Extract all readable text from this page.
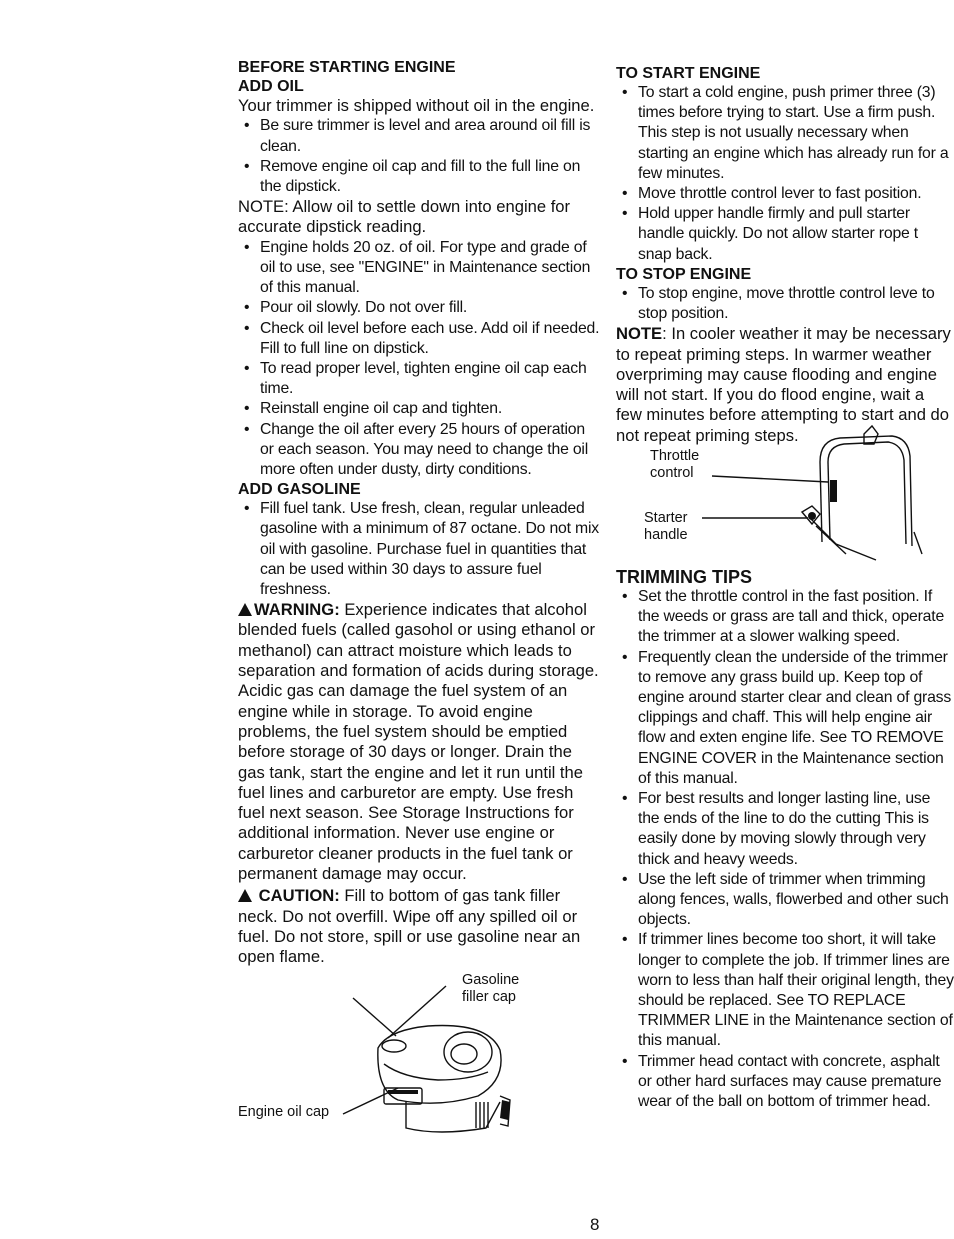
BEFORE STARTING ENGINE
ADD OIL

Your trimmer is shipped without oil in the engine.

• Be sure trimmer is level and area around oil fill is clean.
• Remove engine oil cap and fill to the full line on the dipstick.

NOTE: Allow oil to settle down into engine for accurate dipstick reading.

• Engine holds 20 oz. of oil. For type and grade of oil to use, see "ENGINE" in Maintenance section of this manual.
• Pour oil slowly. Do not over fill.
• Check oil level before each use. Add oil if needed. Fill to full line on dipstick.
• To read proper level, tighten engine oil cap each time.
• Reinstall engine oil cap and tighten.
• Change the oil after every 25 hours of operation or each season. You may need to change the oil more often under dusty, dirty conditions.
ADD GASOLINE
• Fill fuel tank. Use fresh, clean, regular unleaded gasoline with a minimum of 87 octane. Do not mix oil with gasoline. Purchase fuel in quantities that can be used within 30 days to assure fuel freshness.

WARNING: Experience indicates that alcohol blended fuels (called gasohol or using ethanol or methanol) can attract moisture which leads to separation and formation of acids during storage. Acidic gas can damage the fuel system of an engine while in storage. To avoid engine problems, the fuel system should be emptied before storage of 30 days or longer. Drain the gas tank, start the engine and let it run until the fuel lines and carburetor are empty. Use fresh fuel next season. See Storage Instructions for additional information. Never use engine or carburetor cleaner products in the fuel tank or permanent damage may occur.

CAUTION: Fill to bottom of gas tank filler neck. Do not overfill. Wipe off any spilled oil or fuel. Do not store, spill or use gasoline near an open flame.

Gasoline
filler cap
Engine oil cap
TO START ENGINE
• To start a cold engine, push primer three (3) times before trying to start. Use a firm push. This step is not usually necessary when starting an engine which has already run for a few minutes.
• Move throttle control lever to fast position.
• Hold upper handle firmly and pull starter handle quickly. Do not allow starter rope t snap back.
TO STOP ENGINE
• To stop engine, move throttle control leve to stop position.

NOTE: In cooler weather it may be necessary to repeat priming steps. In warmer weather overpriming may cause flooding and engine will not start. If you do flood engine, wait a few minutes before attempting to start and do not repeat priming steps.

Throttle
control
Starter
handle
TRIMMING TIPS
• Set the throttle control in the fast position. If the weeds or grass are tall and thick, operate the trimmer at a slower walking speed.
• Frequently clean the underside of the trimmer to remove any grass build up. Keep top of engine around starter clear and clean of grass clippings and chaff. This will help engine air flow and exten engine life. See TO REMOVE ENGINE COVER in the Maintenance section of this manual.
• For best results and longer lasting line, use the ends of the line to do the cutting This is easily done by moving slowly through very thick and heavy weeds.
• Use the left side of trimmer when trimming along fences, walls, flowerbed and other such objects.
• If trimmer lines become too short, it will take longer to complete the job. If trimmer lines are worn to less than half their original length, they should be replaced. See TO REPLACE TRIMMER LINE in the Maintenance section of this manual.
• Trimmer head contact with concrete, asphalt or other hard surfaces may cause premature wear of the ball on bottom of trimmer head.
8
